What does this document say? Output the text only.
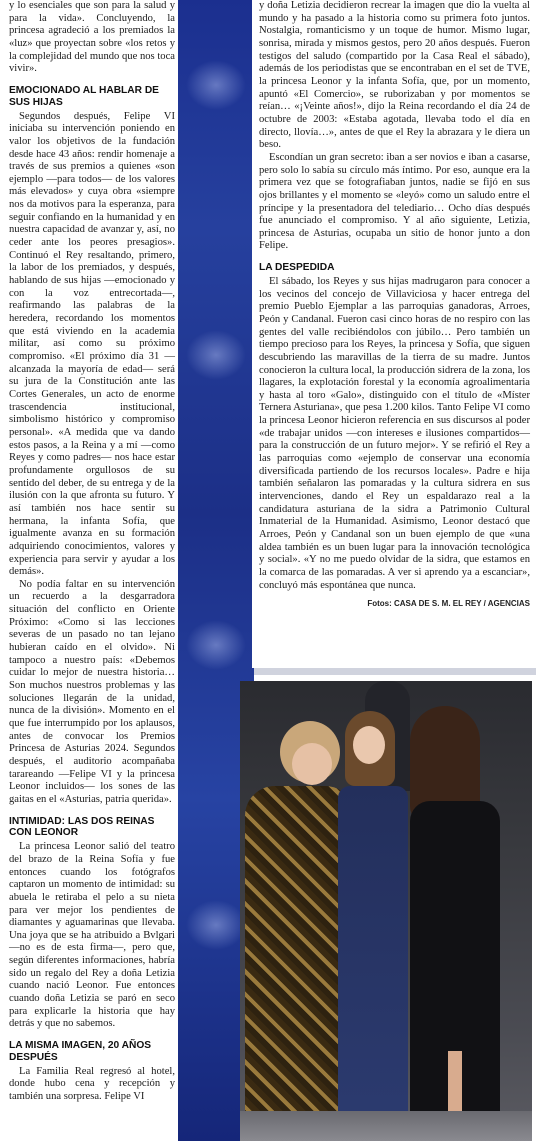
y lo esenciales que son para la salud y para la vida». Concluyendo, la princesa agradeció a los premiados la «luz» que proyectan sobre «los retos y la complejidad del mundo que nos toca vivir».

EMOCIONADO AL HABLAR DE SUS HIJAS

Segundos después, Felipe VI iniciaba su intervención poniendo en valor los objetivos de la fundación desde hace 43 años: rendir homenaje a través de sus premios a quienes «son ejemplo —para todos— de los valores más elevados» y cuya obra «siempre nos da motivos para la esperanza, para seguir confiando en la humanidad y en nuestra capacidad de avanzar y, así, no ceder ante los peores presagios». Continuó el Rey resaltando, primero, la labor de los premiados, y después, hablando de sus hijas —emocionado y con la voz entrecortada—, reafirmando las palabras de la heredera, recordando los momentos que está viviendo en la academia militar, así como su próximo compromiso. «El próximo día 31 —alcanzada la mayoría de edad— será su jura de la Constitución ante las Cortes Generales, un acto de enorme trascendencia institucional, simbolismo histórico y compromiso personal». «A medida que va dando estos pasos, a la Reina y a mí —como Reyes y como padres— nos hace estar profundamente orgullosos de su sentido del deber, de su entrega y de la ilusión con la que afronta su futuro. Y así también nos hace sentir su hermana, la infanta Sofía, que igualmente avanza en su formación adquiriendo conocimientos, valores y experiencia para servir y ayudar a los demás».

No podía faltar en su intervención un recuerdo a la desgarradora situación del conflicto en Oriente Próximo: «Como si las lecciones severas de un pasado no tan lejano hubieran caído en el olvido». Ni tampoco a nuestro país: «Debemos cuidar lo mejor de nuestra historia… Son muchos nuestros problemas y las soluciones llegarán de la unidad, nunca de la división». Momento en el que fue interrumpido por los aplausos, antes de convocar los Premios Princesa de Asturias 2024. Segundos después, el auditorio acompañaba tarareando —Felipe VI y la princesa Leonor incluidos— los sones de las gaitas en el «Asturias, patria querida».

INTIMIDAD: LAS DOS REINAS CON LEONOR

La princesa Leonor salió del teatro del brazo de la Reina Sofía y fue entonces cuando los fotógrafos captaron un momento de intimidad: su abuela le retiraba el pelo a su nieta para ver mejor los pendientes de diamantes y aguamarinas que llevaba. Una joya que se ha atribuido a Bvlgari —no es de esta firma—, pero que, según diferentes informaciones, habría sido un regalo del Rey a doña Letizia cuando nació Leonor. Fue entonces cuando doña Letizia se paró en seco para explicarle la historia que hay detrás y que no sabemos.

LA MISMA IMAGEN, 20 AÑOS DESPUÉS

La Familia Real regresó al hotel, donde hubo cena y recepción y también una sorpresa. Felipe VI

y doña Letizia decidieron recrear la imagen que dio la vuelta al mundo y ha pasado a la historia como su primera foto juntos. Nostalgia, romanticismo y un toque de humor. Mismo lugar, sonrisa, mirada y mismos gestos, pero 20 años después. Fueron testigos del saludo (compartido por la Casa Real el sábado), además de los periodistas que se encontraban en el set de TVE, la princesa Leonor y la infanta Sofía, que, por un momento, apuntó «El Comercio», se ruborizaban y por momentos se reían… «¡Veinte años!», dijo la Reina recordando el día 24 de octubre de 2003: «Estaba agotada, llevaba todo el día en directo, llovía…», antes de que el Rey la abrazara y le diera un beso.

Escondían un gran secreto: iban a ser novios e iban a casarse, pero solo lo sabía su círculo más íntimo. Por eso, aunque era la primera vez que se fotografiaban juntos, nadie se fijó en sus ojos brillantes y el momento se «leyó» como un saludo entre el príncipe y la presentadora del telediario… Ocho días después fue anunciado el compromiso. Y al año siguiente, Letizia, princesa de Asturias, ocupaba un sitio de honor junto a don Felipe.

LA DESPEDIDA

El sábado, los Reyes y sus hijas madrugaron para conocer a los vecinos del concejo de Villaviciosa y hacer entrega del premio Pueblo Ejemplar a las parroquias ganadoras, Arroes, Peón y Candanal. Fueron casi cinco horas de no respiro con las gentes del valle recibiéndolos con júbilo… Pero también un tiempo precioso para los Reyes, la princesa y Sofía, que siguen descubriendo las maravillas de la tierra de su madre. Juntos conocieron la cultura local, la producción sidrera de la zona, los llagares, la explotación forestal y la economía agroalimentaria y hasta al toro «Galo», distinguido con el título de «Míster Ternera Asturiana», que pesa 1.200 kilos. Tanto Felipe VI como la princesa Leonor hicieron referencia en sus discursos al poder «de trabajar unidos —con intereses e ilusiones compartidos— para la construcción de un futuro mejor». Y se refirió el Rey a las parroquias como «ejemplo de conservar una economía diversificada partiendo de los recursos locales». Padre e hija también señalaron las pomaradas y la cultura sidrera en sus intervenciones, dando el Rey un espaldarazo real a la candidatura asturiana de la sidra a Patrimonio Cultural Inmaterial de la Humanidad. Asimismo, Leonor destacó que Arroes, Peón y Candanal son un buen ejemplo de que «una aldea también es un buen lugar para la innovación tecnológica y social». «Y no me puedo olvidar de la sidra, que estamos en la comarca de las pomaradas. A ver si aprendo ya a escanciar», concluyó más espontánea que nunca.

Fotos: CASA DE S. M. EL REY / AGENCIAS
